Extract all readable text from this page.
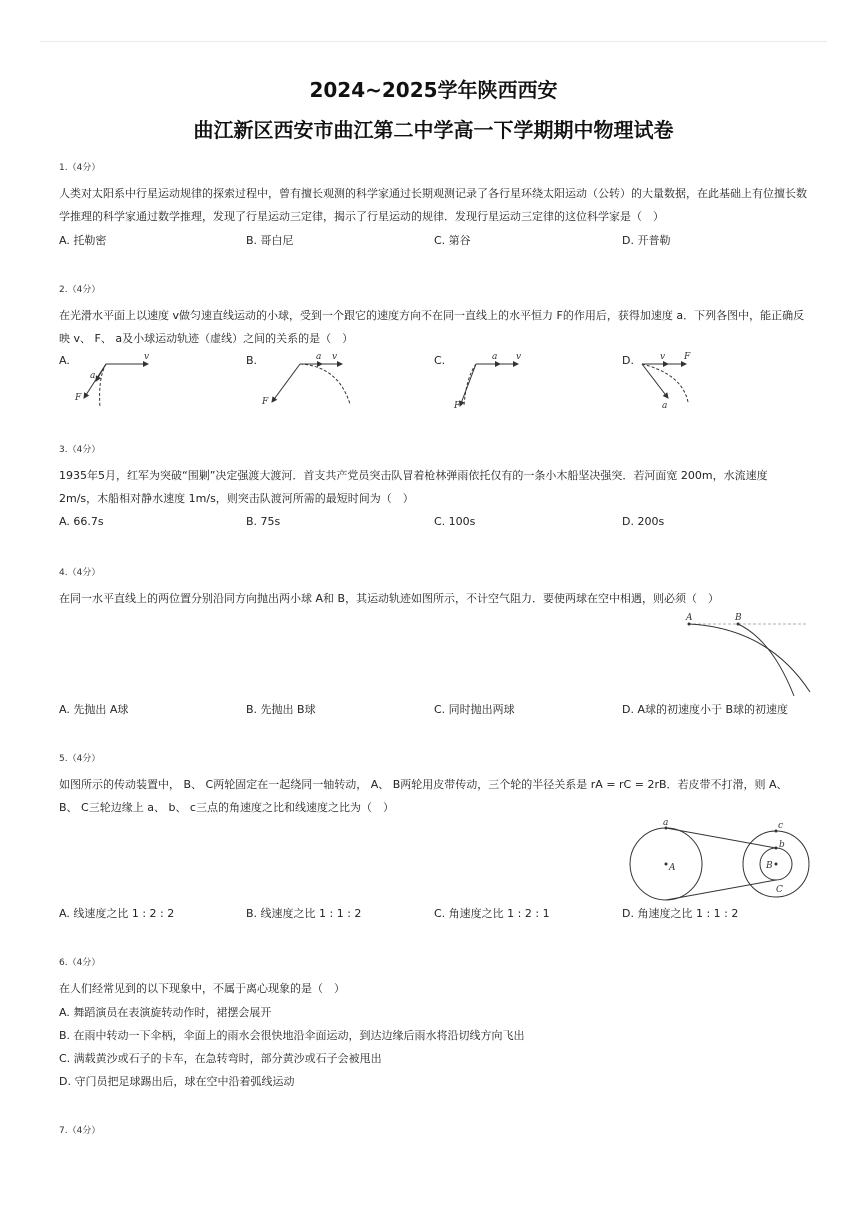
2024~2025学年陕西西安
曲江新区西安市曲江第二中学高一下学期期中物理试卷
1.（4分）
人类对太阳系中行星运动规律的探索过程中，曾有擅长观测的科学家通过长期观测记录了各行星环绕太阳运动（公转）的大量数据，在此基础上有位擅长数学推理的科学家通过数学推理，发现了行星运动三定律，揭示了行星运动的规律．发现行星运动三定律的这位科学家是（　）
A. 托勒密	B. 哥白尼	C. 第谷	D. 开普勒
2.（4分）
在光滑水平面上以速度 v做匀速直线运动的小球，受到一个跟它的速度方向不在同一直线上的水平恒力 F的作用后，获得加速度 a．下列各图中，能正确反映 v、 F、 a及小球运动轨迹（虚线）之间的关系的是（　）
A.	B.	C.	D.
v
a
F
a v
F
a v
F
v F
a
3.（4分）
1935年5月，红军为突破“围剿”决定强渡大渡河．首支共产党员突击队冒着枪林弹雨依托仅有的一条小木船坚决强突．若河面宽 200m，水流速度 2m/s，木船相对静水速度 1m/s，则突击队渡河所需的最短时间为（　）
A. 66.7s	B. 75s	C. 100s	D. 200s
4.（4分）
在同一水平直线上的两位置分别沿同方向抛出两小球 A和 B，其运动轨迹如图所示，不计空气阻力．要使两球在空中相遇，则必须（　）
A	B
A. 先抛出 A球	B. 先抛出 B球	C. 同时抛出两球	D. A球的初速度小于 B球的初速度
5.（4分）
如图所示的传动装置中， B、 C两轮固定在一起绕同一轴转动， A、 B两轮用皮带传动，三个轮的半径关系是 rA = rC = 2rB．若皮带不打滑，则 A、 B、 C三轮边缘上 a、 b、 c三点的角速度之比和线速度之比为（　）
a	c
b
A	B
C
A. 线速度之比 1 : 2 : 2	B. 线速度之比 1 : 1 : 2	C. 角速度之比 1 : 2 : 1	D. 角速度之比 1 : 1 : 2
6.（4分）
在人们经常见到的以下现象中，不属于离心现象的是（　）
A. 舞蹈演员在表演旋转动作时，裙摆会展开
B. 在雨中转动一下伞柄，伞面上的雨水会很快地沿伞面运动，到达边缘后雨水将沿切线方向飞出
C. 满载黄沙或石子的卡车，在急转弯时，部分黄沙或石子会被甩出
D. 守门员把足球踢出后，球在空中沿着弧线运动
7.（4分）
